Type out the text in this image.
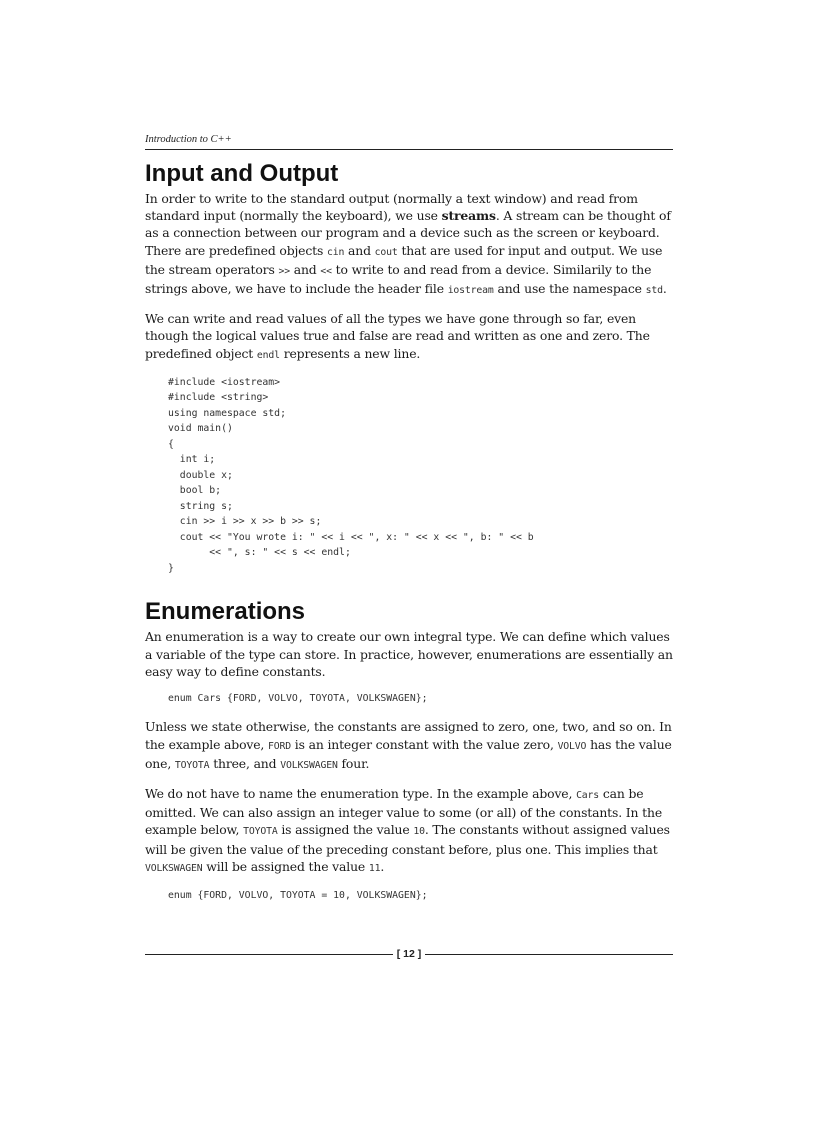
Introduction to C++
Input and Output

In order to write to the standard output (normally a text window) and read from standard input (normally the keyboard), we use streams. A stream can be thought of as a connection between our program and a device such as the screen or keyboard. There are predefined objects cin and cout that are used for input and output. We use the stream operators >> and << to write to and read from a device. Similarily to the strings above, we have to include the header file iostream and use the namespace std.

We can write and read values of all the types we have gone through so far, even though the logical values true and false are read and written as one and zero. The predefined object endl represents a new line.

#include <iostream>
#include <string>
using namespace std;
void main()
{
int i;
double x;
bool b;
string s;
cin >> i >> x >> b >> s;
cout << "You wrote i: " << i << ", x: " << x << ", b: " << b
<< ", s: " << s << endl;
}
Enumerations

An enumeration is a way to create our own integral type. We can define which values a variable of the type can store. In practice, however, enumerations are essentially an easy way to define constants.

enum Cars {FORD, VOLVO, TOYOTA, VOLKSWAGEN};

Unless we state otherwise, the constants are assigned to zero, one, two, and so on. In the example above, FORD is an integer constant with the value zero, VOLVO has the value one, TOYOTA three, and VOLKSWAGEN four.

We do not have to name the enumeration type. In the example above, Cars can be omitted. We can also assign an integer value to some (or all) of the constants. In the example below, TOYOTA is assigned the value 10. The constants without assigned values will be given the value of the preceding constant before, plus one. This implies that VOLKSWAGEN will be assigned the value 11.

enum {FORD, VOLVO, TOYOTA = 10, VOLKSWAGEN};
[ 12 ]
